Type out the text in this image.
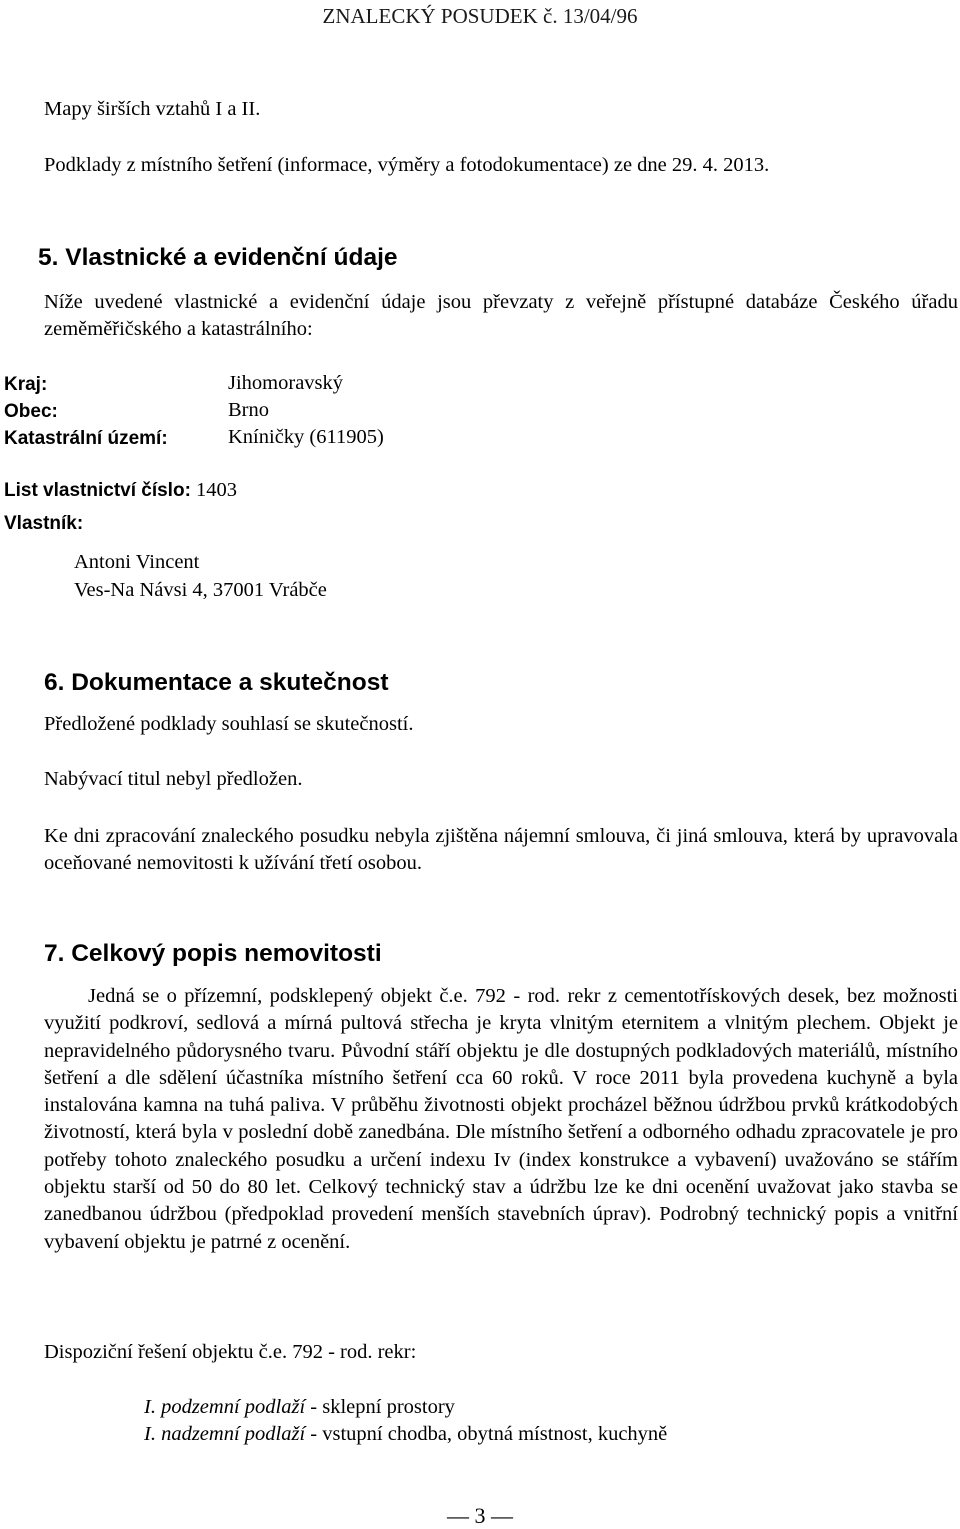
ZNALECKÝ POSUDEK č. 13/04/96
Mapy širších vztahů I a II.
Podklady z místního šetření (informace, výměry a fotodokumentace) ze dne 29. 4. 2013.
5. Vlastnické a evidenční údaje
Níže uvedené vlastnické a evidenční údaje jsou převzaty z veřejně přístupné databáze Českého úřadu zeměměřičského a katastrálního:
Kraj:	Jihomoravský
Obec:	Brno
Katastrální území:	Kníničky (611905)
List vlastnictví číslo: 1403
Vlastník:
Antoni Vincent
Ves-Na Návsi 4, 37001 Vrábče
6. Dokumentace a skutečnost
Předložené podklady souhlasí se skutečností.
Nabývací titul nebyl předložen.
Ke dni zpracování znaleckého posudku nebyla zjištěna nájemní smlouva, či jiná smlouva, která by upravovala oceňované nemovitosti k užívání třetí osobou.
7. Celkový popis nemovitosti
Jedná se o přízemní, podsklepený objekt č.e. 792 - rod. rekr z cementotřískových desek, bez možnosti využití podkroví, sedlová a mírná pultová střecha je kryta vlnitým eternitem a vlnitým plechem. Objekt je nepravidelného půdorysného tvaru. Původní stáří objektu je dle dostupných podkladových materiálů, místního šetření a dle sdělení účastníka místního šetření cca 60 roků. V roce 2011 byla provedena kuchyně a byla instalována kamna na tuhá paliva. V průběhu životnosti objekt procházel běžnou údržbou prvků krátkodobých životností, která byla v poslední době zanedbána. Dle místního šetření a odborného odhadu zpracovatele je pro potřeby tohoto znaleckého posudku a určení indexu Iv (index konstrukce a vybavení) uvažováno se stářím objektu starší od 50 do 80 let. Celkový technický stav a údržbu lze ke dni ocenění uvažovat jako stavba se zanedbanou údržbou (předpoklad provedení menších stavebních úprav). Podrobný technický popis a vnitřní vybavení objektu je patrné z ocenění.
Dispoziční řešení objektu č.e. 792 - rod. rekr:
I. podzemní podlaží - sklepní prostory
I. nadzemní podlaží - vstupní chodba, obytná místnost, kuchyně
— 3 —
